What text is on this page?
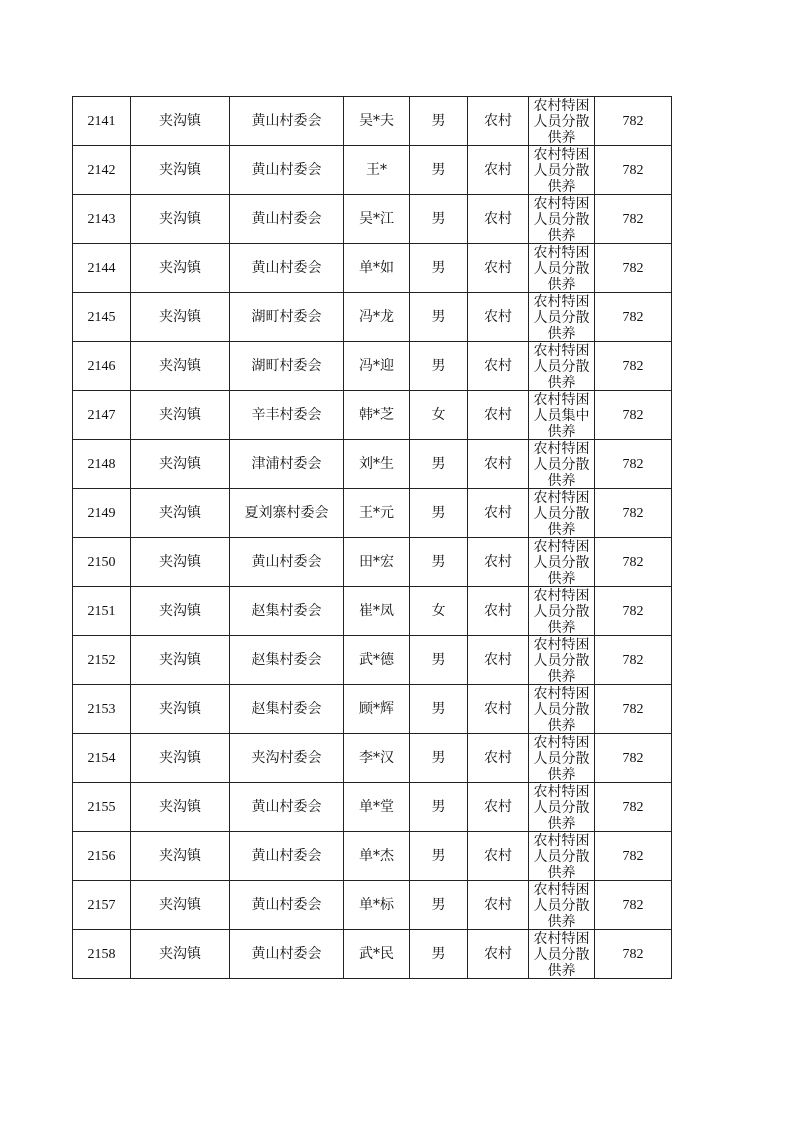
2141	夹沟镇	黄山村委会	吴*夫	男	农村	农村特困人员分散供养	782
2142	夹沟镇	黄山村委会	王*	男	农村	农村特困人员分散供养	782
2143	夹沟镇	黄山村委会	吴*江	男	农村	农村特困人员分散供养	782
2144	夹沟镇	黄山村委会	单*如	男	农村	农村特困人员分散供养	782
2145	夹沟镇	湖町村委会	冯*龙	男	农村	农村特困人员分散供养	782
2146	夹沟镇	湖町村委会	冯*迎	男	农村	农村特困人员分散供养	782
2147	夹沟镇	辛丰村委会	韩*芝	女	农村	农村特困人员集中供养	782
2148	夹沟镇	津浦村委会	刘*生	男	农村	农村特困人员分散供养	782
2149	夹沟镇	夏刘寨村委会	王*元	男	农村	农村特困人员分散供养	782
2150	夹沟镇	黄山村委会	田*宏	男	农村	农村特困人员分散供养	782
2151	夹沟镇	赵集村委会	崔*凤	女	农村	农村特困人员分散供养	782
2152	夹沟镇	赵集村委会	武*德	男	农村	农村特困人员分散供养	782
2153	夹沟镇	赵集村委会	顾*辉	男	农村	农村特困人员分散供养	782
2154	夹沟镇	夹沟村委会	李*汉	男	农村	农村特困人员分散供养	782
2155	夹沟镇	黄山村委会	单*堂	男	农村	农村特困人员分散供养	782
2156	夹沟镇	黄山村委会	单*杰	男	农村	农村特困人员分散供养	782
2157	夹沟镇	黄山村委会	单*标	男	农村	农村特困人员分散供养	782
2158	夹沟镇	黄山村委会	武*民	男	农村	农村特困人员分散供养	782
